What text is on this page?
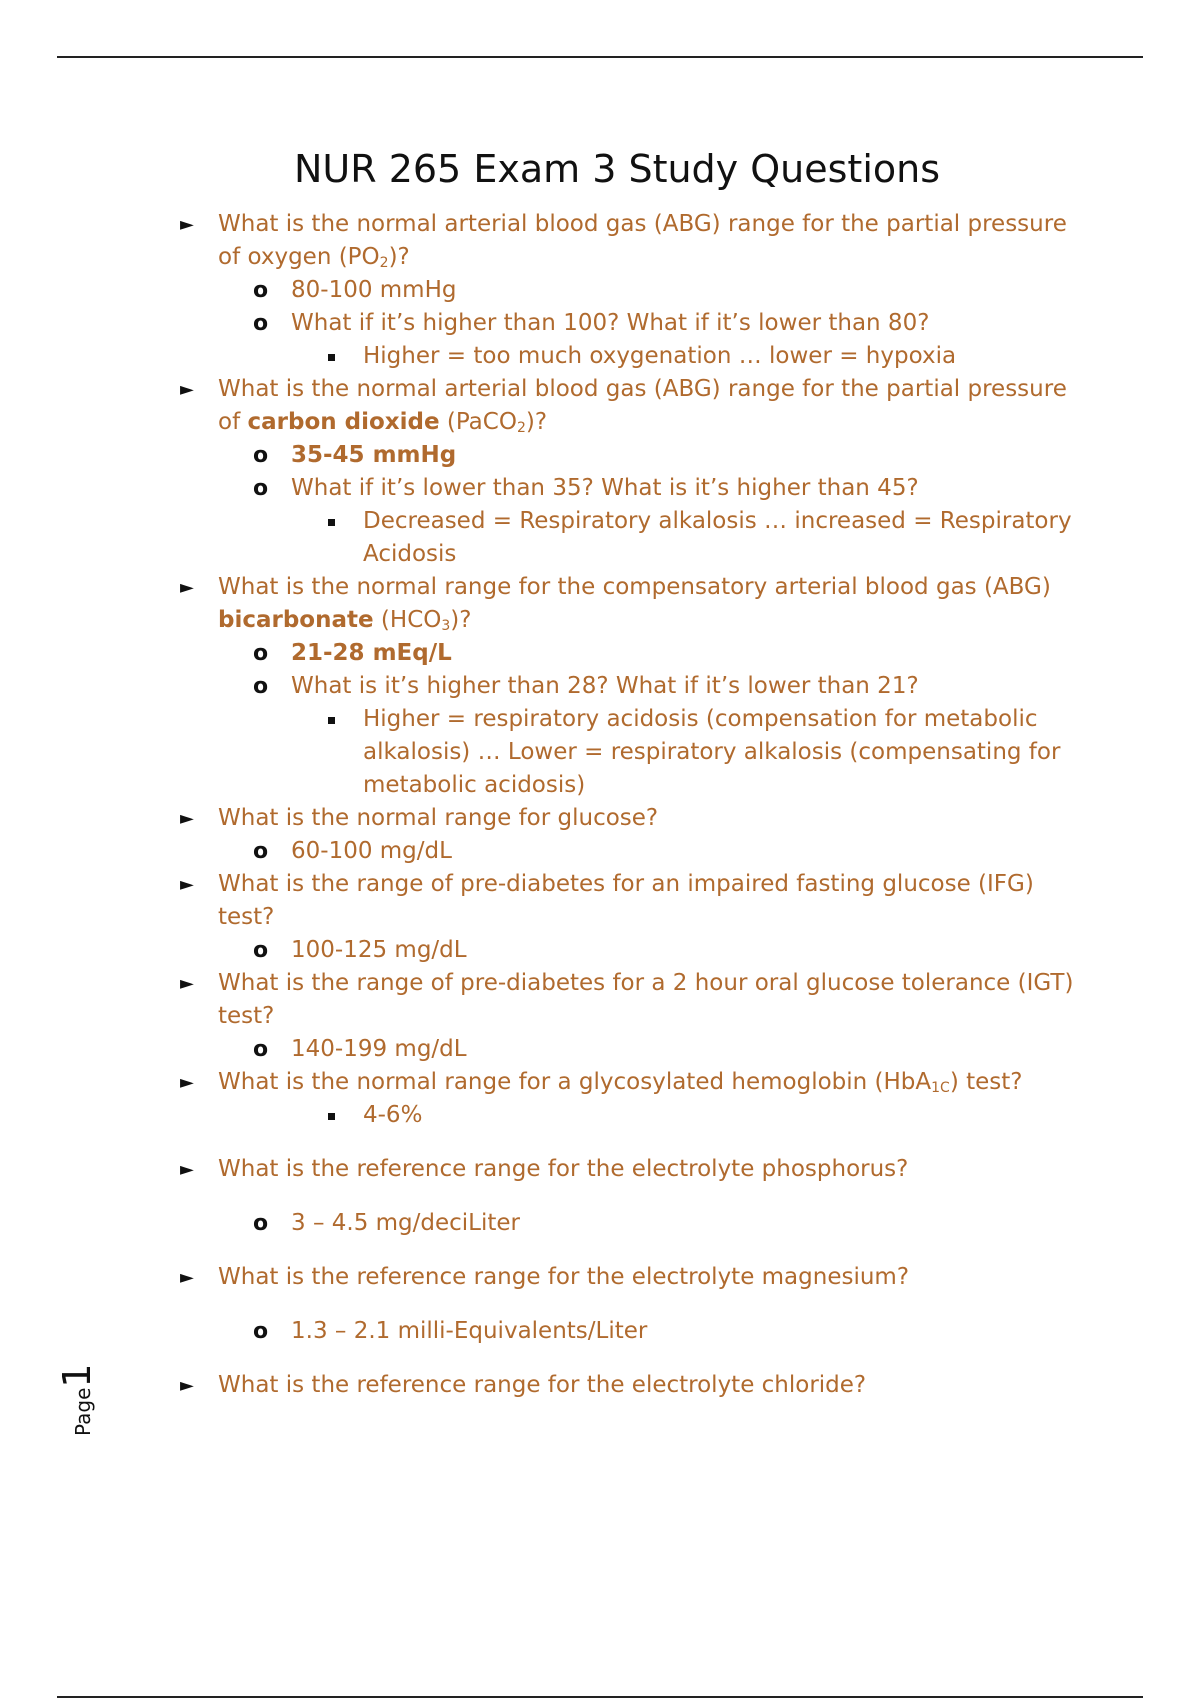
NUR 265 Exam 3 Study Questions
► What is the normal arterial blood gas (ABG) range for the partial pressure of oxygen $(PO_2)$?
o 80-100 mmHg
o What if it’s higher than 100? What if it’s lower than 80?
Higher = too much oxygenation … lower = hypoxia
► What is the normal arterial blood gas (ABG) range for the partial pressure of carbon dioxide (PaCO$_2$)?
o 35-45 mmHg
o What if it’s lower than 35? What is it’s higher than 45?
Decreased = Respiratory alkalosis … increased = Respiratory Acidosis
► What is the normal range for the compensatory arterial blood gas (ABG) bicarbonate $(HCO_3)$?
o 21-28 mEq/L
o What is it’s higher than 28? What if it’s lower than 21?
Higher = respiratory acidosis (compensation for metabolic alkalosis) … Lower = respiratory alkalosis (compensating for metabolic acidosis)
► What is the normal range for glucose?
o 60-100 mg/dL
► What is the range of pre-diabetes for an impaired fasting glucose (IFG) test?
o 100-125 mg/dL
► What is the range of pre-diabetes for a 2 hour oral glucose tolerance (IGT) test?
o 140-199 mg/dL
► What is the normal range for a glycosylated hemoglobin (HbA$_{1C}$) test?
4-6%
► What is the reference range for the electrolyte phosphorus?
o 3 – 4.5 mg/deciLiter
► What is the reference range for the electrolyte magnesium?
o 1.3 – 2.1 milli-Equivalents/Liter
► What is the reference range for the electrolyte chloride?
Page1
